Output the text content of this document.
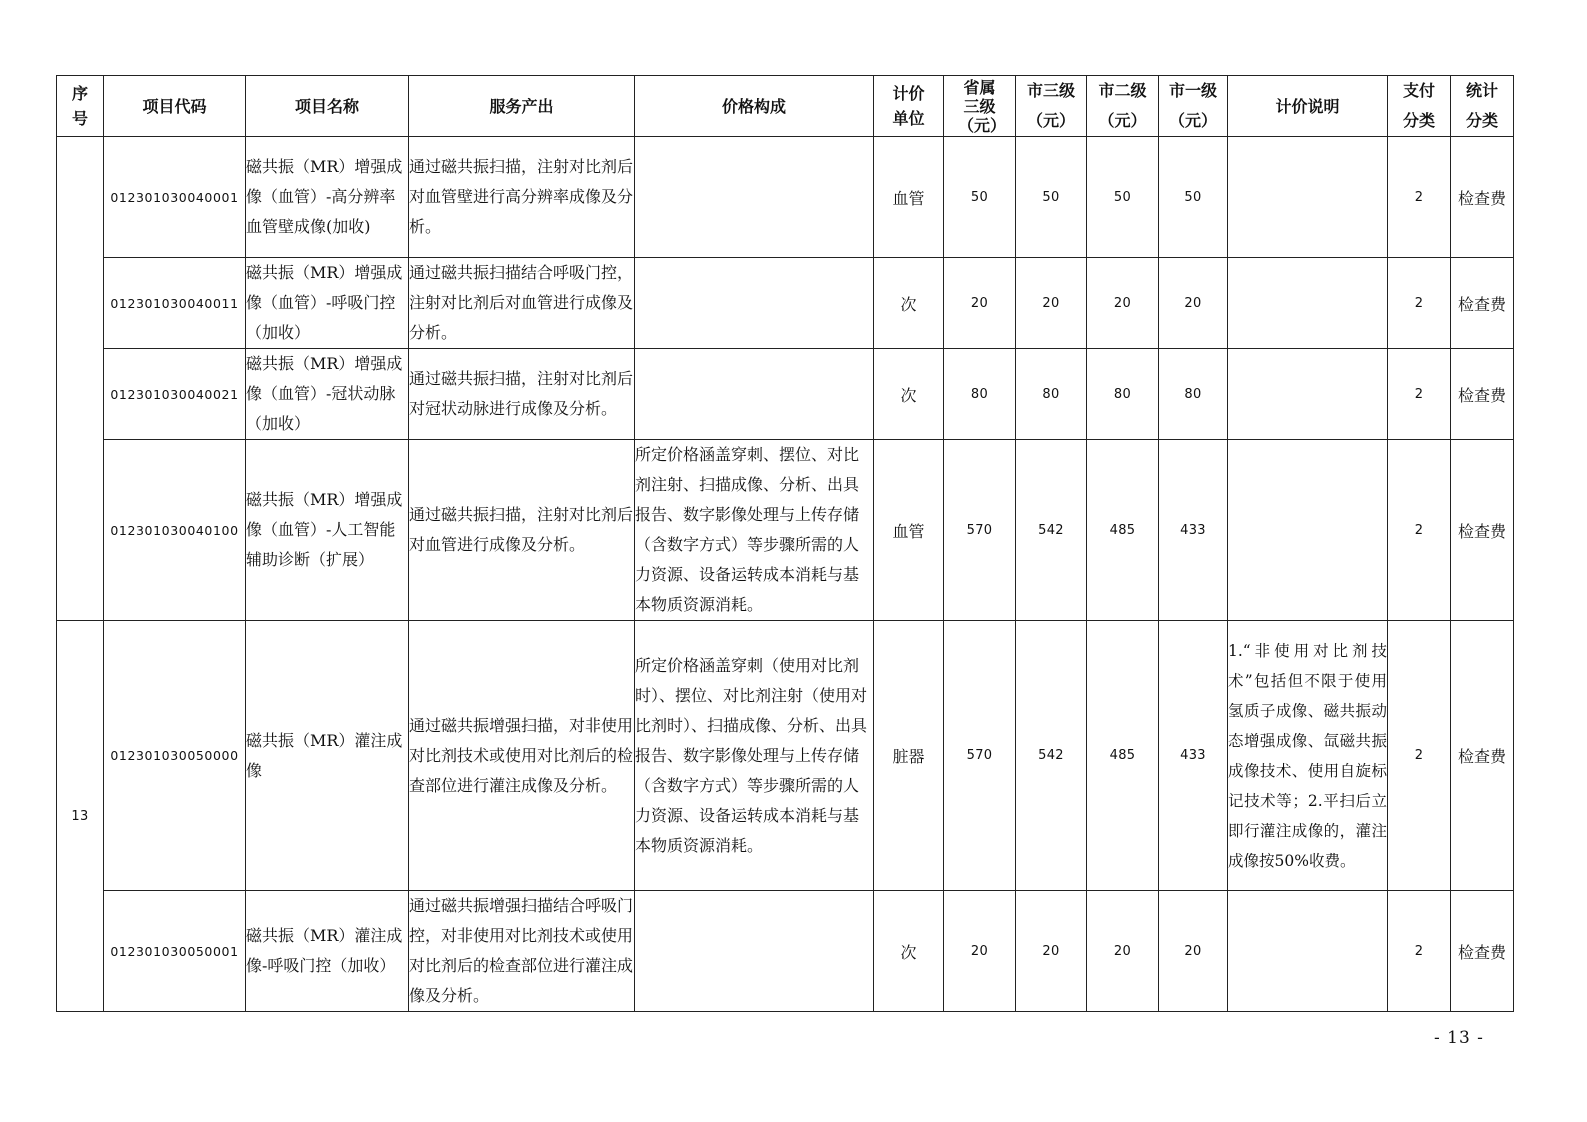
序号	项目代码	项目名称	服务产出	价格构成	计价单位	省属三级（元）	市三级（元）	市二级（元）	市一级（元）	计价说明	支付分类	统计分类
	012301030040001	磁共振（MR）增强成像（血管）-高分辨率血管壁成像(加收)	通过磁共振扫描，注射对比剂后对血管壁进行高分辨率成像及分析。		血管	50	50	50	50		2	检查费
	012301030040011	磁共振（MR）增强成像（血管）-呼吸门控（加收）	通过磁共振扫描结合呼吸门控，注射对比剂后对血管进行成像及分析。		次	20	20	20	20		2	检查费
	012301030040021	磁共振（MR）增强成像（血管）-冠状动脉（加收）	通过磁共振扫描，注射对比剂后对冠状动脉进行成像及分析。		次	80	80	80	80		2	检查费
	012301030040100	磁共振（MR）增强成像（血管）-人工智能辅助诊断（扩展）	通过磁共振扫描，注射对比剂后对血管进行成像及分析。	所定价格涵盖穿刺、摆位、对比剂注射、扫描成像、分析、出具报告、数字影像处理与上传存储（含数字方式）等步骤所需的人力资源、设备运转成本消耗与基本物质资源消耗。	血管	570	542	485	433		2	检查费
13	012301030050000	磁共振（MR）灌注成像	通过磁共振增强扫描，对非使用对比剂技术或使用对比剂后的检查部位进行灌注成像及分析。	所定价格涵盖穿刺（使用对比剂时）、摆位、对比剂注射（使用对比剂时）、扫描成像、分析、出具报告、数字影像处理与上传存储（含数字方式）等步骤所需的人力资源、设备运转成本消耗与基本物质资源消耗。	脏器	570	542	485	433	1.“非使用对比剂技术”包括但不限于使用氢质子成像、磁共振动态增强成像、氙磁共振成像技术、使用自旋标记技术等；2.平扫后立即行灌注成像的，灌注成像按50%收费。	2	检查费
	012301030050001	磁共振（MR）灌注成像-呼吸门控（加收）	通过磁共振增强扫描结合呼吸门控，对非使用对比剂技术或使用对比剂后的检查部位进行灌注成像及分析。		次	20	20	20	20		2	检查费
- 13 -
